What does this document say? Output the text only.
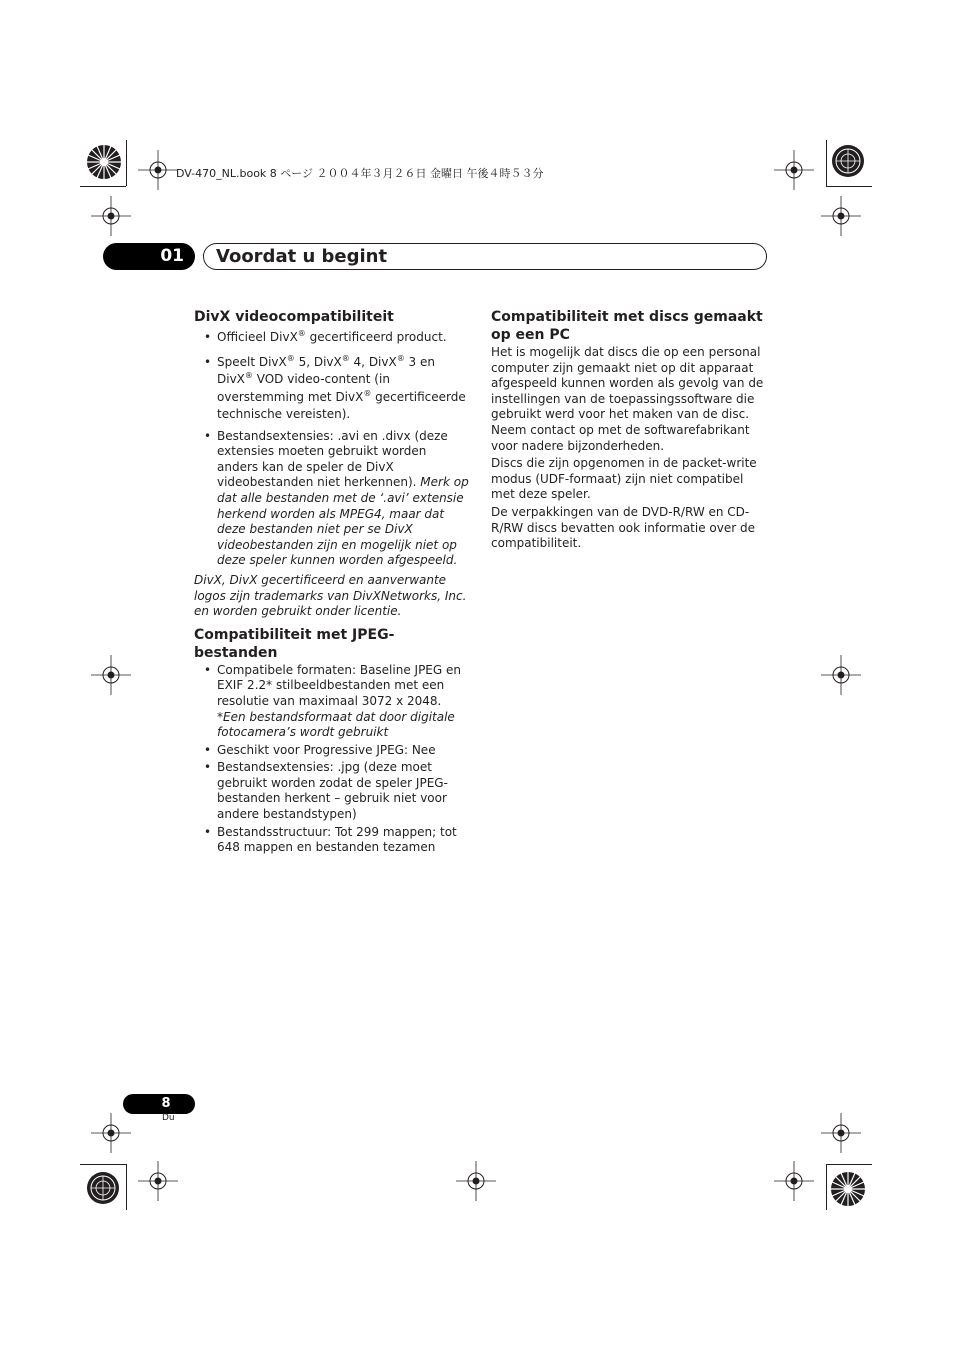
DV-470_NL.book 8 ページ ２００４年３月２６日 金曜日 午後４時５３分
01	Voordat u begint
DivX videocompatibiliteit
• Officieel DivX® gecertificeerd product.
• Speelt DivX® 5, DivX® 4, DivX® 3 en DivX® VOD video-content (in overstemming met DivX® gecertificeerde technische vereisten).
• Bestandsextensies: .avi en .divx (deze extensies moeten gebruikt worden anders kan de speler de DivX videobestanden niet herkennen). Merk op dat alle bestanden met de ‘.avi’ extensie herkend worden als MPEG4, maar dat deze bestanden niet per se DivX videobestanden zijn en mogelijk niet op deze speler kunnen worden afgespeeld.

DivX, DivX gecertificeerd en aanverwante logos zijn trademarks van DivXNetworks, Inc. en worden gebruikt onder licentie.

Compatibiliteit met JPEG-bestanden
• Compatibele formaten: Baseline JPEG en EXIF 2.2* stilbeeldbestanden met een resolutie van maximaal 3072 x 2048.
*Een bestandsformaat dat door digitale fotocamera’s wordt gebruikt
• Geschikt voor Progressive JPEG: Nee
• Bestandsextensies: .jpg (deze moet gebruikt worden zodat de speler JPEG-bestanden herkent – gebruik niet voor andere bestandstypen)
• Bestandsstructuur: Tot 299 mappen; tot 648 mappen en bestanden tezamen
Compatibiliteit met discs gemaakt op een PC

Het is mogelijk dat discs die op een personal computer zijn gemaakt niet op dit apparaat afgespeeld kunnen worden als gevolg van de instellingen van de toepassingssoftware die gebruikt werd voor het maken van de disc. Neem contact op met de softwarefabrikant voor nadere bijzonderheden.

Discs die zijn opgenomen in de packet-write modus (UDF-formaat) zijn niet compatibel met deze speler.

De verpakkingen van de DVD-R/RW en CD-R/RW discs bevatten ook informatie over de compatibiliteit.

8
Du
